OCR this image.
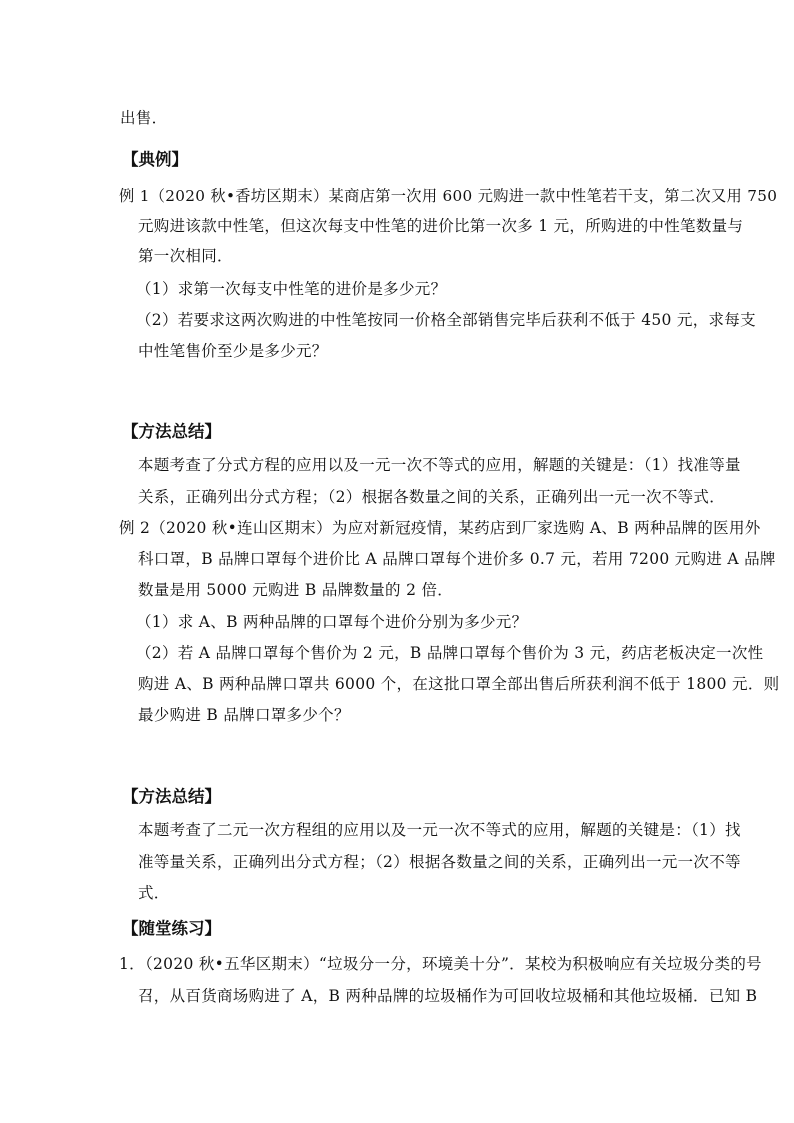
出售．
【典例】
例 1（2020 秋•香坊区期末）某商店第一次用 600 元购进一款中性笔若干支，第二次又用 750
元购进该款中性笔，但这次每支中性笔的进价比第一次多 1 元，所购进的中性笔数量与
第一次相同．
（1）求第一次每支中性笔的进价是多少元？
（2）若要求这两次购进的中性笔按同一价格全部销售完毕后获利不低于 450 元，求每支
中性笔售价至少是多少元？
【方法总结】
本题考查了分式方程的应用以及一元一次不等式的应用，解题的关键是：（1）找准等量
关系，正确列出分式方程；（2）根据各数量之间的关系，正确列出一元一次不等式．
例 2（2020 秋•连山区期末）为应对新冠疫情，某药店到厂家选购 A、B 两种品牌的医用外
科口罩，B 品牌口罩每个进价比 A 品牌口罩每个进价多 0.7 元，若用 7200 元购进 A 品牌
数量是用 5000 元购进 B 品牌数量的 2 倍．
（1）求 A、B 两种品牌的口罩每个进价分别为多少元？
（2）若 A 品牌口罩每个售价为 2 元，B 品牌口罩每个售价为 3 元，药店老板决定一次性
购进 A、B 两种品牌口罩共 6000 个，在这批口罩全部出售后所获利润不低于 1800 元．则
最少购进 B 品牌口罩多少个？
【方法总结】
本题考查了二元一次方程组的应用以及一元一次不等式的应用，解题的关键是：（1）找
准等量关系，正确列出分式方程；（2）根据各数量之间的关系，正确列出一元一次不等
式．
【随堂练习】
1．（2020 秋•五华区期末）“垃圾分一分，环境美十分”．某校为积极响应有关垃圾分类的号
召，从百货商场购进了 A，B 两种品牌的垃圾桶作为可回收垃圾桶和其他垃圾桶．已知 B
